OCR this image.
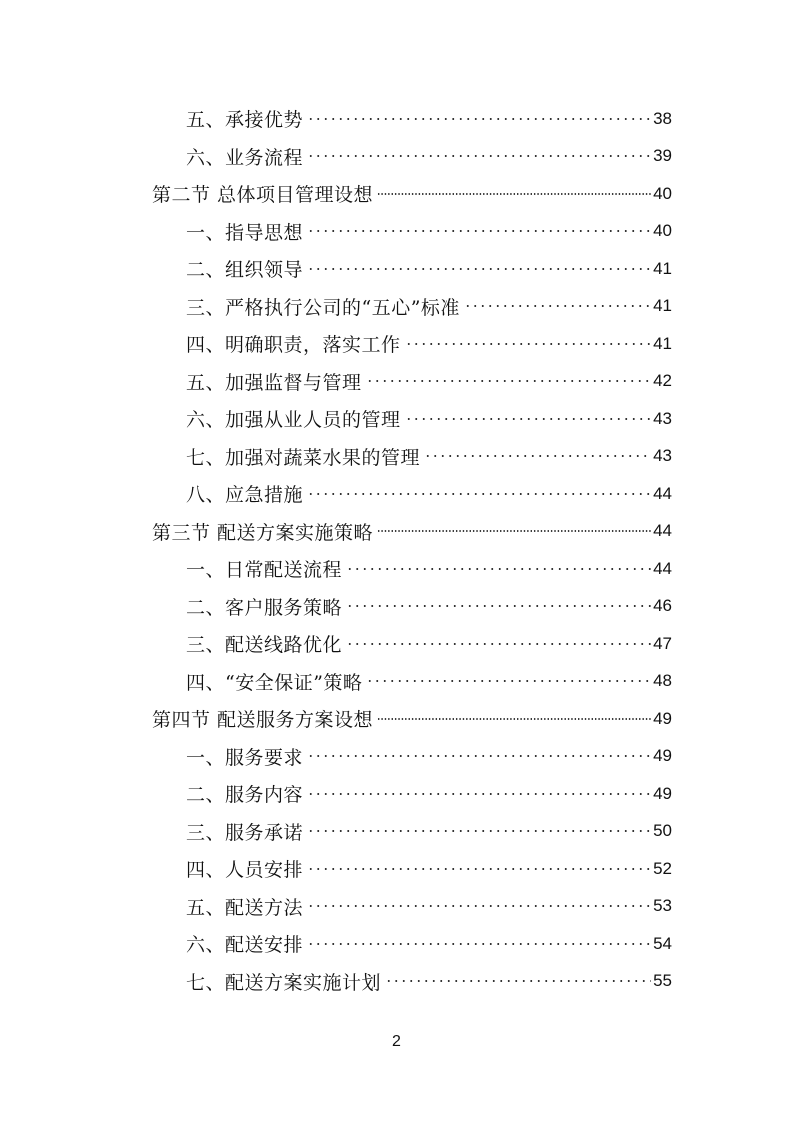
五、承接优势	38
六、业务流程	39
第二节 总体项目管理设想	40
一、指导思想	40
二、组织领导	41
三、严格执行公司的“五心”标准	41
四、明确职责，落实工作	41
五、加强监督与管理	42
六、加强从业人员的管理	43
七、加强对蔬菜水果的管理	43
八、应急措施	44
第三节 配送方案实施策略	44
一、日常配送流程	44
二、客户服务策略	46
三、配送线路优化	47
四、“安全保证”策略	48
第四节 配送服务方案设想	49
一、服务要求	49
二、服务内容	49
三、服务承诺	50
四、人员安排	52
五、配送方法	53
六、配送安排	54
七、配送方案实施计划	55
2
